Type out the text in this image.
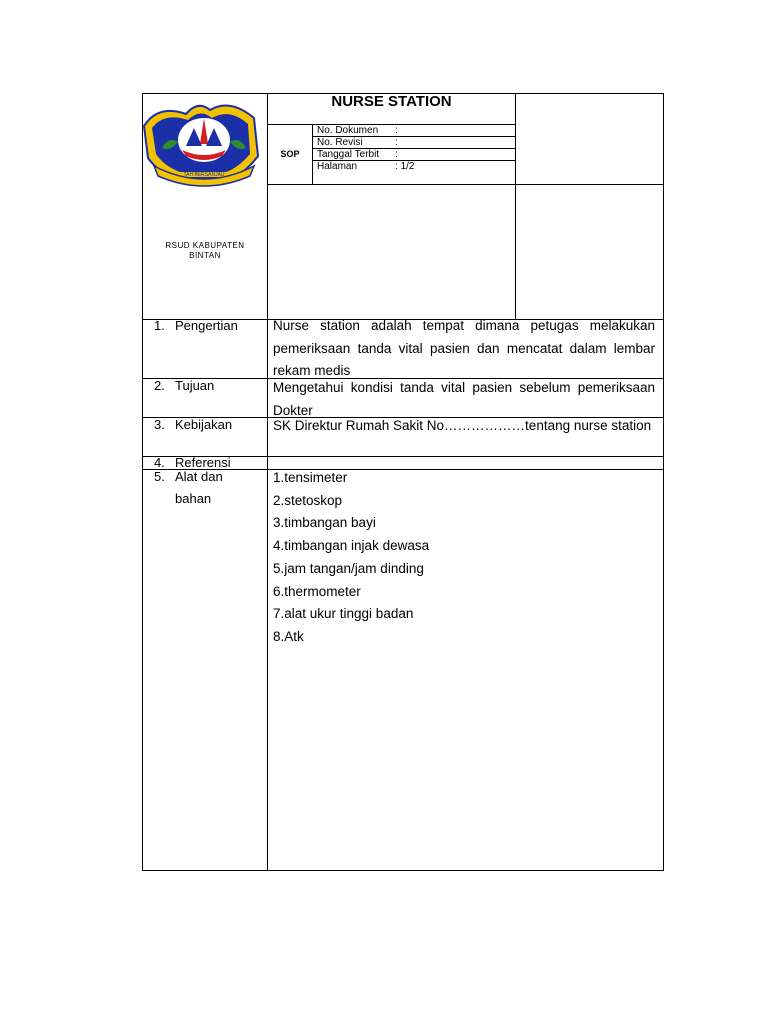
TAH BERSANJAU
NURSE STATION
SOP
No. Dokumen :
No. Revisi	:
Tanggal Terbit :
Halaman	: 1/2
RSUD KABUPATEN
BINTAN
1. Pengertian
2. Tujuan
3. Kebijakan
4. Referensi
5. Alat dan
bahan
Nurse station adalah tempat dimana petugas melakukan pemeriksaan tanda vital pasien dan mencatat dalam lembar rekam medis
Mengetahui kondisi tanda vital pasien sebelum pemeriksaan Dokter
SK Direktur Rumah Sakit No………………tentang nurse station
1.tensimeter
2.stetoskop
3.timbangan bayi
4.timbangan injak dewasa
5.jam tangan/jam dinding
6.thermometer
7.alat ukur tinggi badan
8.Atk
